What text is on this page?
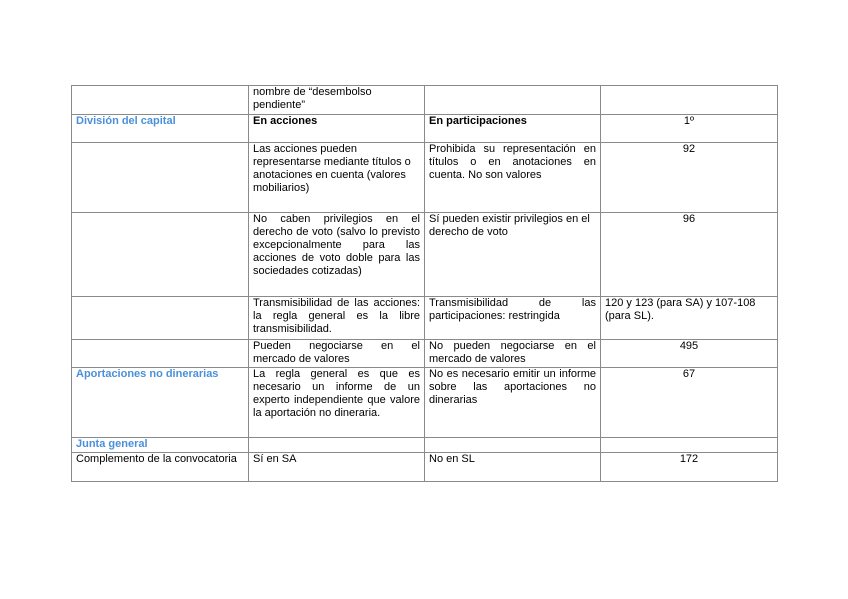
	nombre de “desembolso pendiente”		
División del capital	En acciones	En participaciones	1º
	Las acciones pueden representarse mediante títulos o anotaciones en cuenta (valores mobiliarios)	Prohibida su representación en títulos o en anotaciones en cuenta. No son valores	92
	No caben privilegios en el derecho de voto (salvo lo previsto excepcionalmente para las acciones de voto doble para las sociedades cotizadas)	Sí pueden existir privilegios en el derecho de voto	96
	Transmisibilidad de las acciones: la regla general es la libre transmisibilidad.	Transmisibilidad de las participaciones: restringida	120 y 123 (para SA) y 107-108 (para SL).
	Pueden negociarse en el mercado de valores	No pueden negociarse en el mercado de valores	495
Aportaciones no dinerarias	La regla general es que es necesario un informe de un experto independiente que valore la aportación no dineraria.	No es necesario emitir un informe sobre las aportaciones no dinerarias	67
Junta general			
Complemento de la convocatoria	Sí en SA	No en SL	172
